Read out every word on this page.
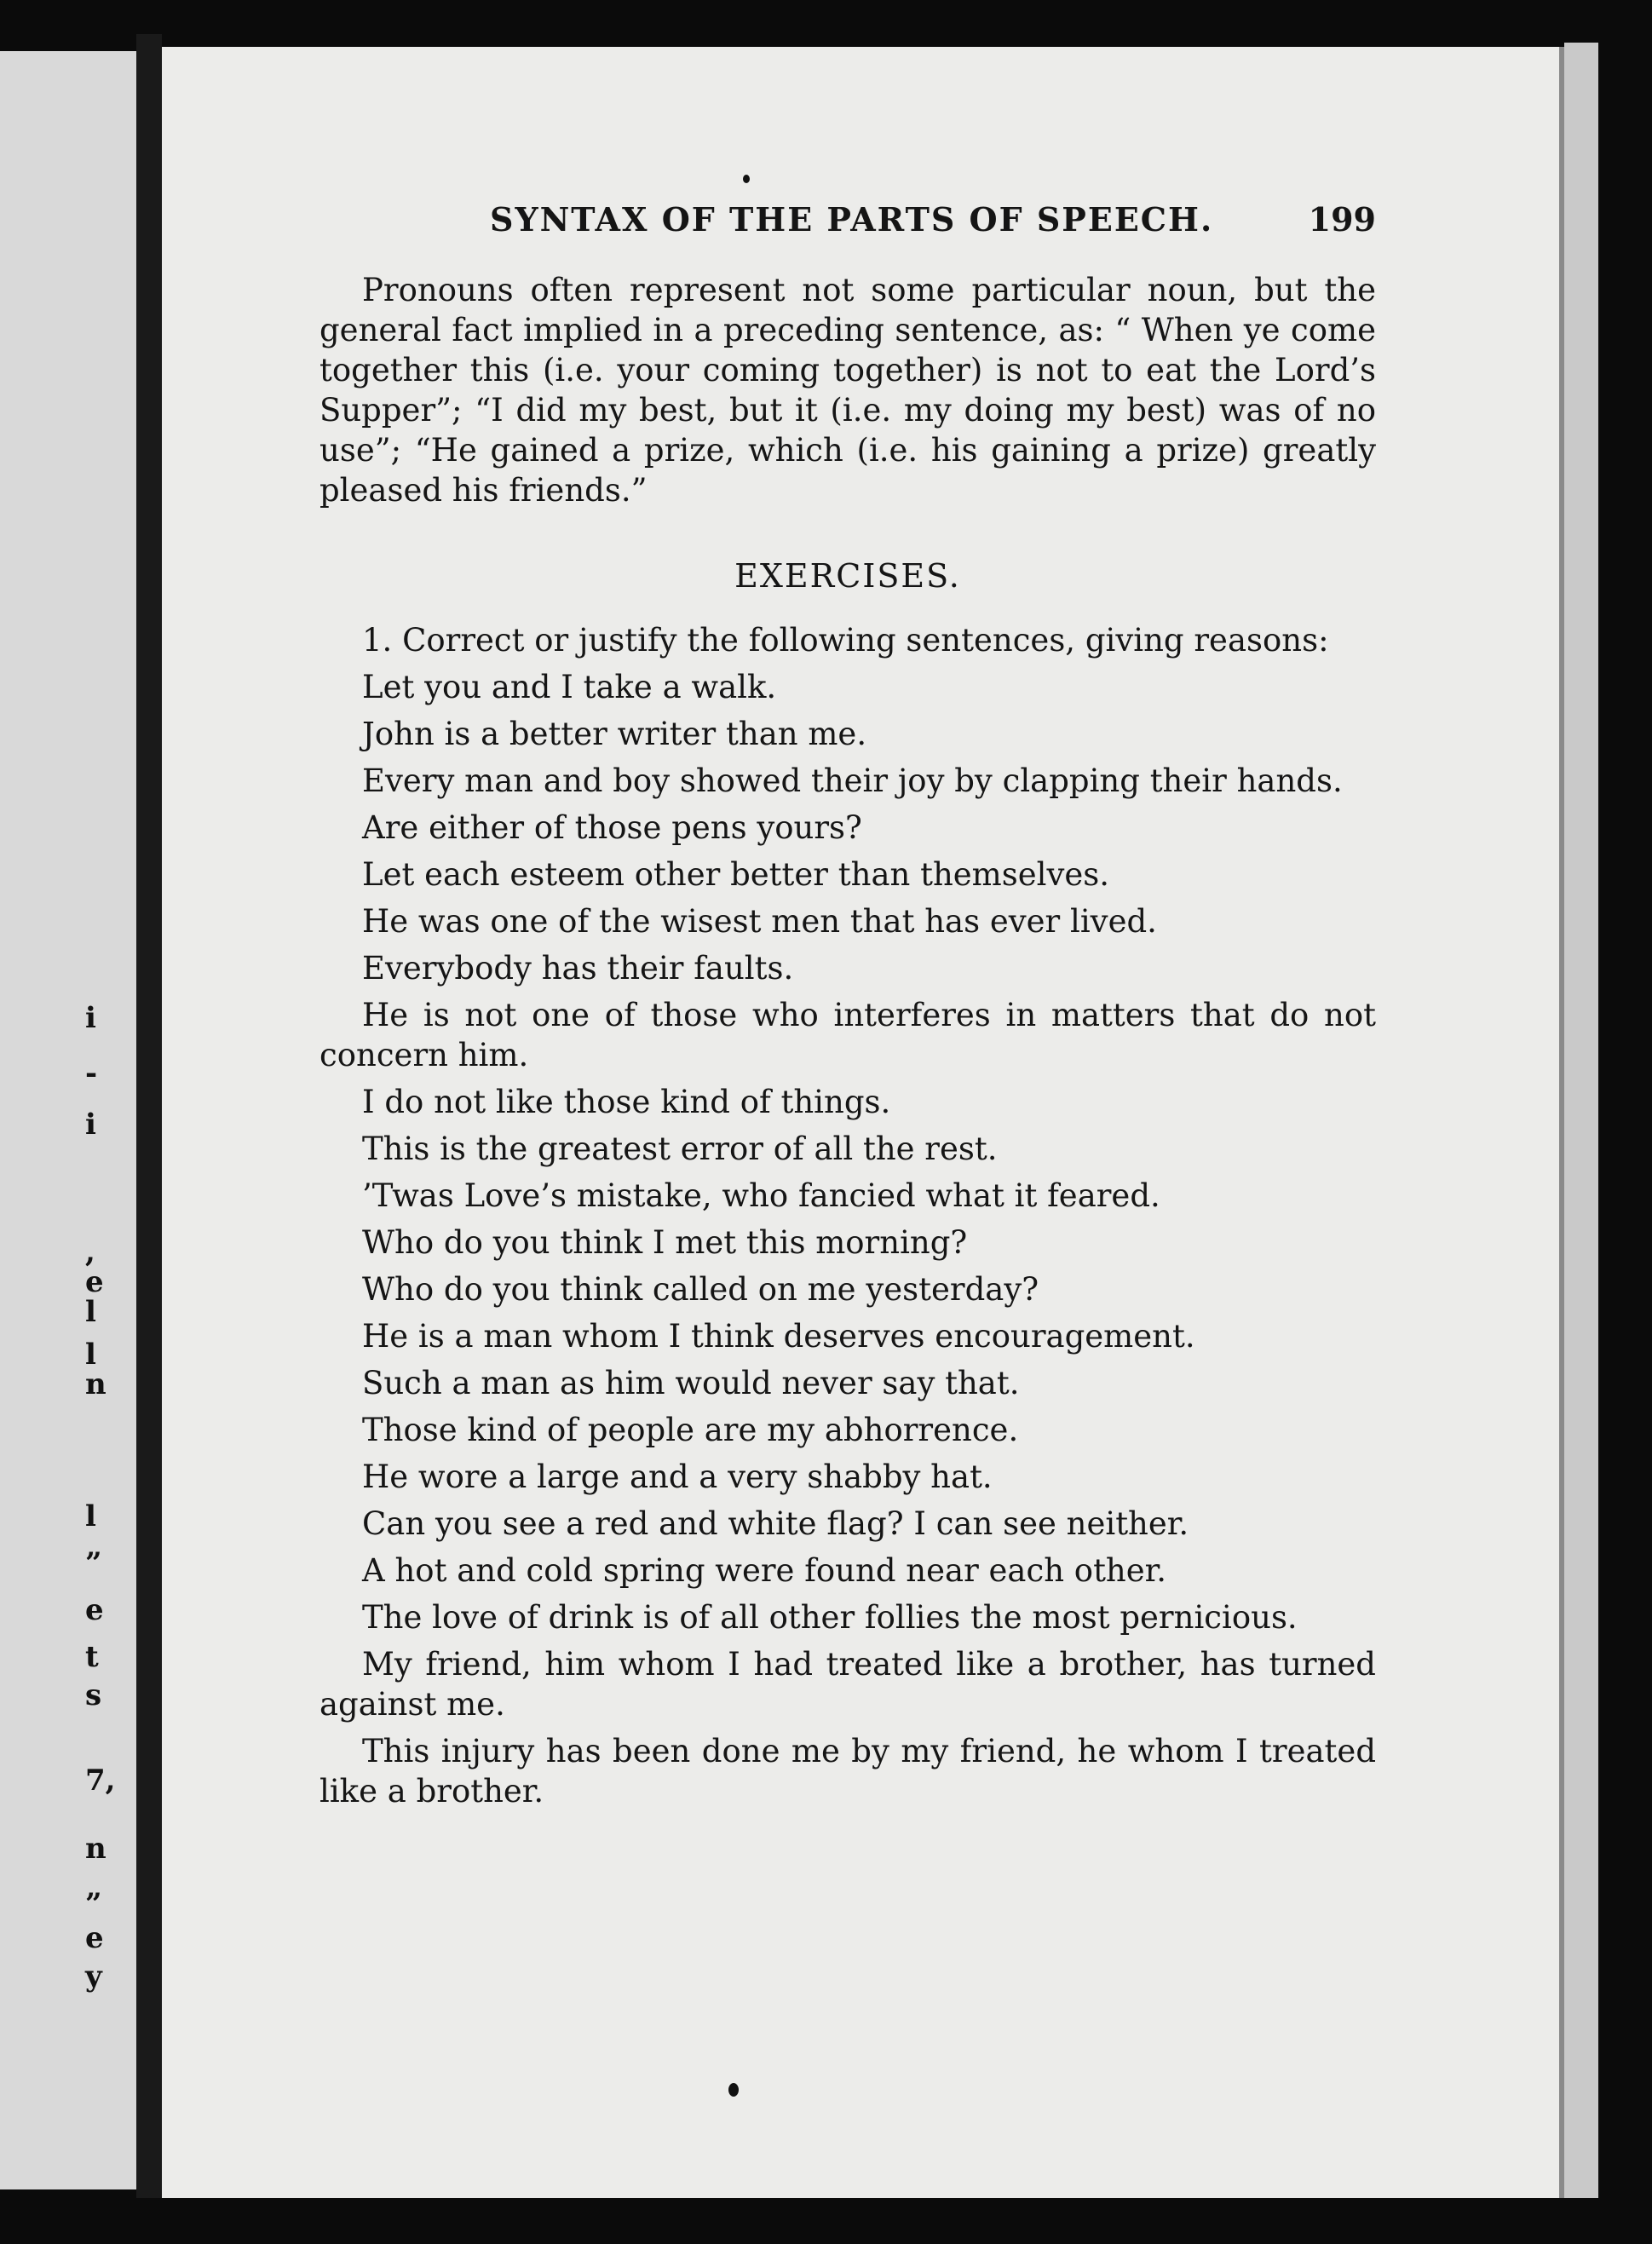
i
-
i
,
e
l
l
n
l
”
e
t
s
7,
n
”
e
y
SYNTAX OF THE PARTS OF SPEECH.	199

Pronouns often represent not some particular noun, but the general fact implied in a preceding sentence, as: “ When ye come together this (i.e. your coming together) is not to eat the Lord’s Supper”; “I did my best, but it (i.e. my doing my best) was of no use”; “He gained a prize, which (i.e. his gaining a prize) greatly pleased his friends.”

EXERCISES.

1. Correct or justify the following sentences, giving reasons:

Let you and I take a walk.

John is a better writer than me.

Every man and boy showed their joy by clapping their hands.

Are either of those pens yours?

Let each esteem other better than themselves.

He was one of the wisest men that has ever lived.

Everybody has their faults.

He is not one of those who interferes in matters that do not concern him.

I do not like those kind of things.

This is the greatest error of all the rest.

’Twas Love’s mistake, who fancied what it feared.

Who do you think I met this morning?

Who do you think called on me yesterday?

He is a man whom I think deserves encouragement.

Such a man as him would never say that.

Those kind of people are my abhorrence.

He wore a large and a very shabby hat.

Can you see a red and white flag? I can see neither.

A hot and cold spring were found near each other.

The love of drink is of all other follies the most pernicious.

My friend, him whom I had treated like a brother, has turned against me.

This injury has been done me by my friend, he whom I treated like a brother.
